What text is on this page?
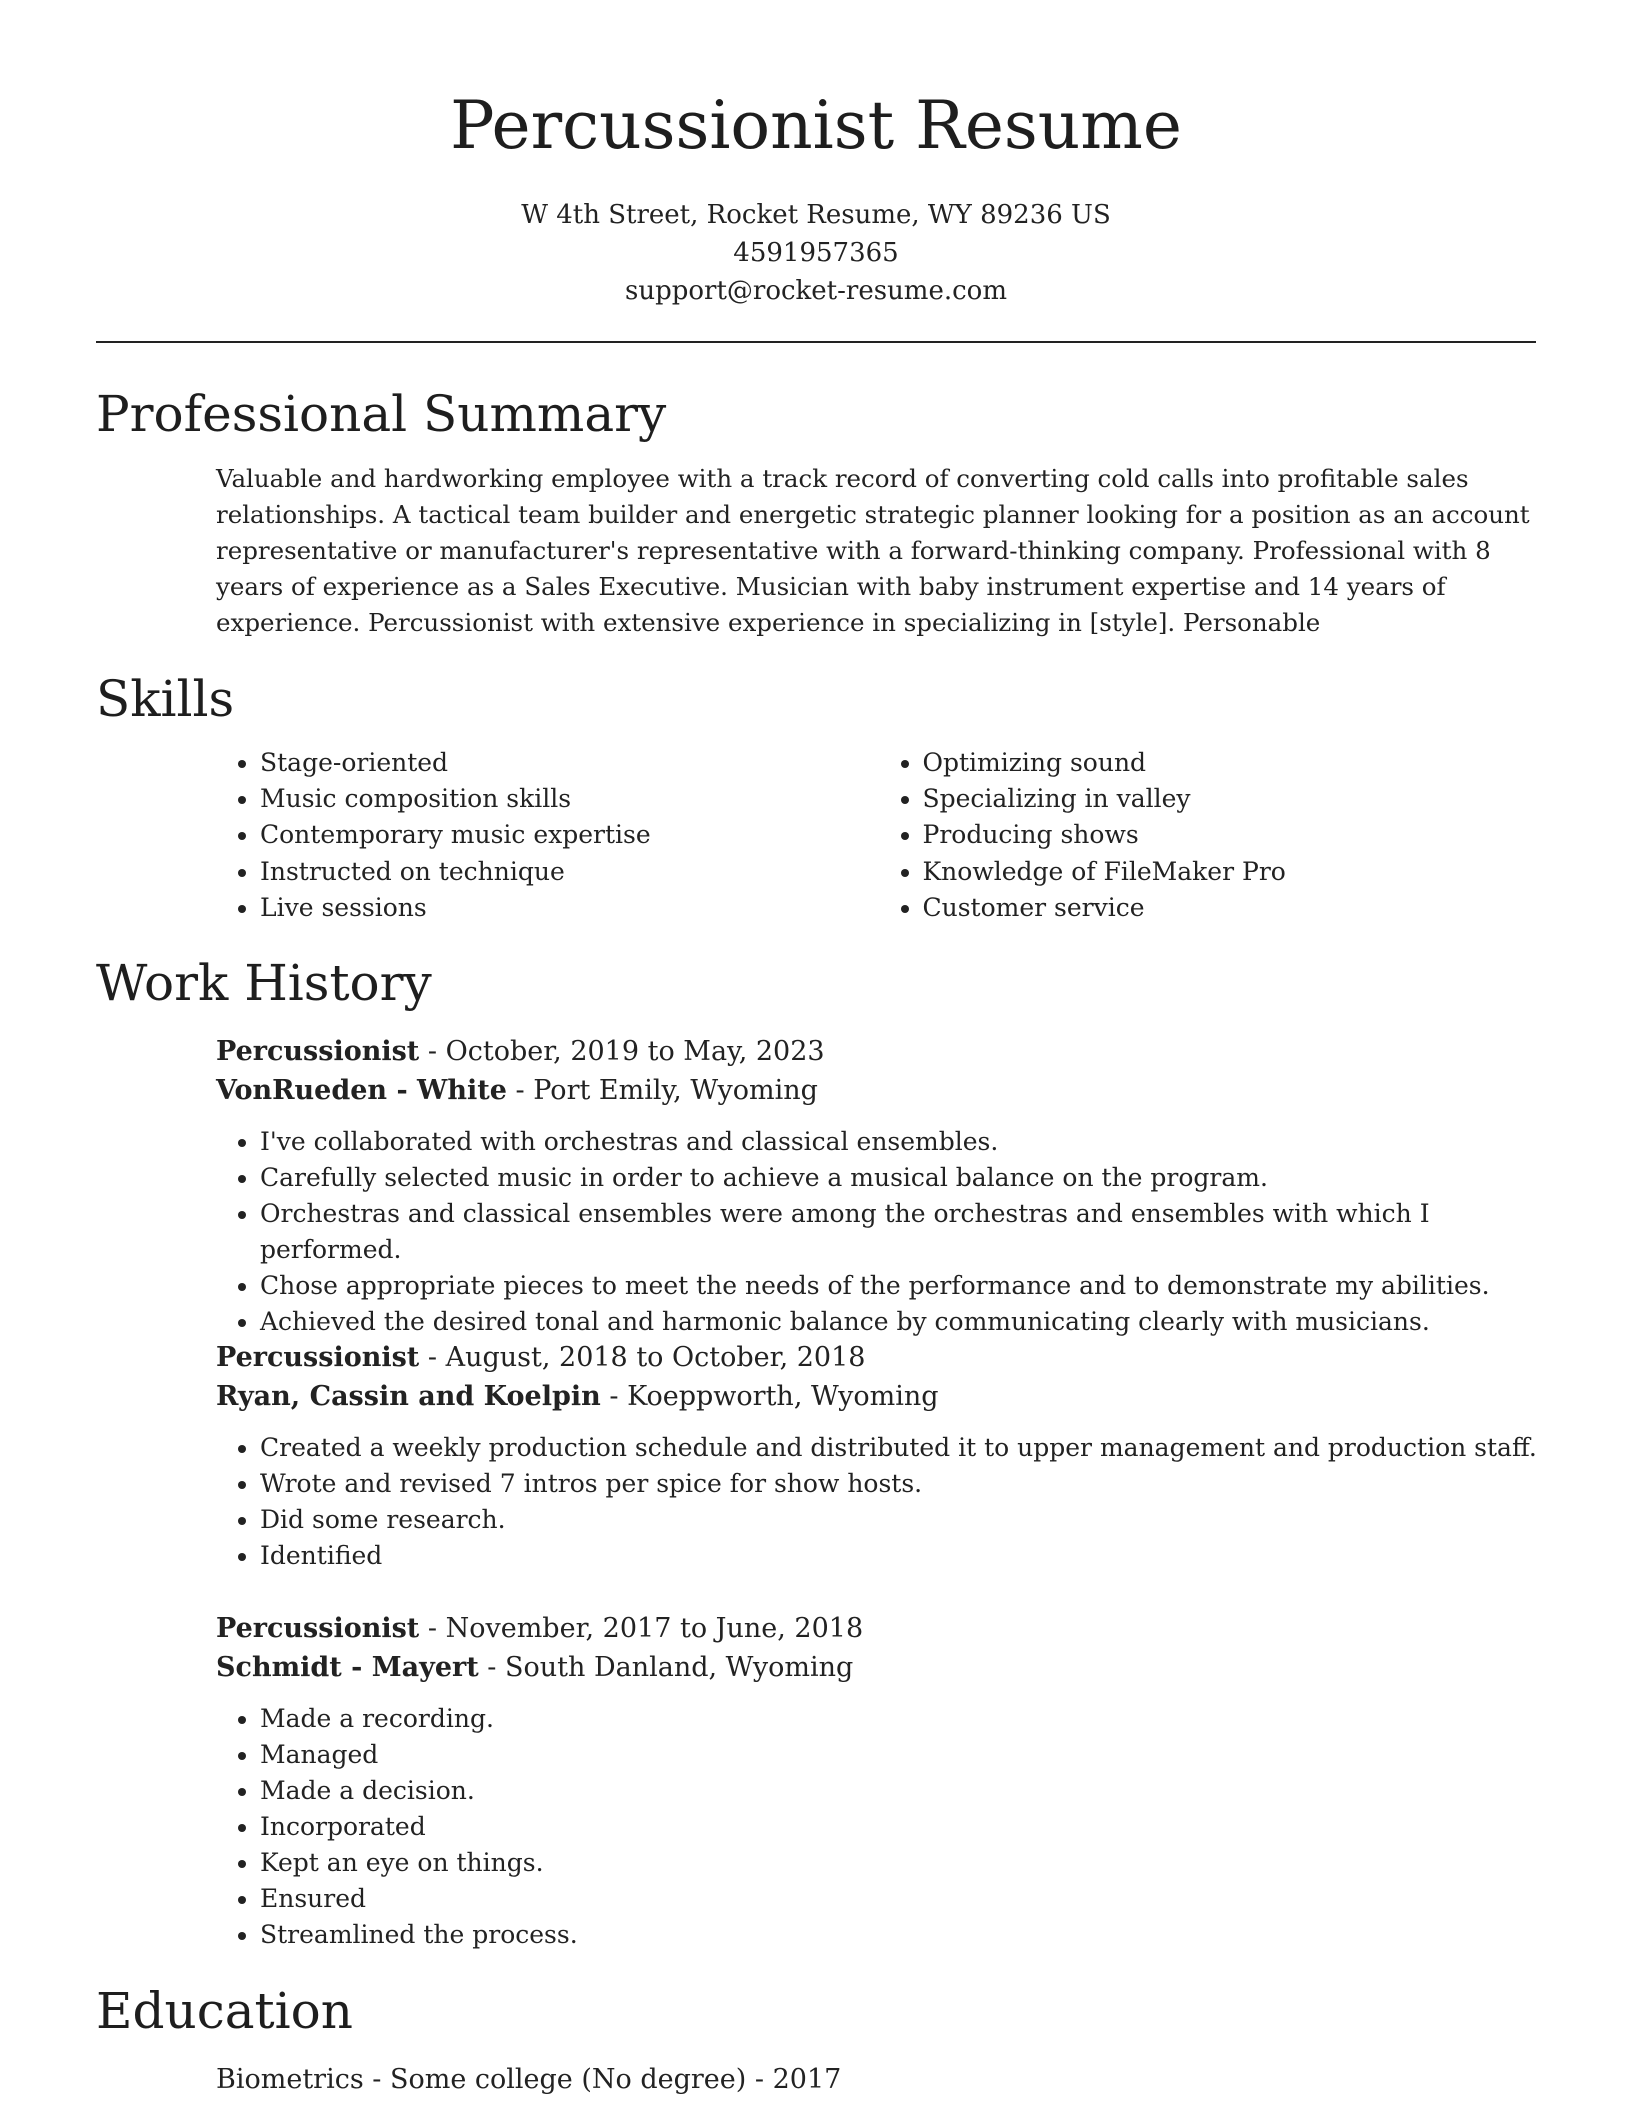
Percussionist Resume
W 4th Street, Rocket Resume, WY 89236 US
4591957365
support@rocket-resume.com
Professional Summary

Valuable and hardworking employee with a track record of converting cold calls into profitable sales relationships. A tactical team builder and energetic strategic planner looking for a position as an account representative or manufacturer's representative with a forward-thinking company. Professional with 8 years of experience as a Sales Executive. Musician with baby instrument expertise and 14 years of experience. Percussionist with extensive experience in specializing in [style]. Personable

Skills
• Stage-oriented
• Music composition skills
• Contemporary music expertise
• Instructed on technique
• Live sessions
• Optimizing sound
• Specializing in valley
• Producing shows
• Knowledge of FileMaker Pro
• Customer service
Work History
Percussionist - October, 2019 to May, 2023
VonRueden - White - Port Emily, Wyoming
• I've collaborated with orchestras and classical ensembles.
• Carefully selected music in order to achieve a musical balance on the program.
• Orchestras and classical ensembles were among the orchestras and ensembles with which I performed.
• Chose appropriate pieces to meet the needs of the performance and to demonstrate my abilities.
• Achieved the desired tonal and harmonic balance by communicating clearly with musicians.
Percussionist - August, 2018 to October, 2018
Ryan, Cassin and Koelpin - Koeppworth, Wyoming
• Created a weekly production schedule and distributed it to upper management and production staff.
• Wrote and revised 7 intros per spice for show hosts.
• Did some research.
• Identified
Percussionist - November, 2017 to June, 2018
Schmidt - Mayert - South Danland, Wyoming
• Made a recording.
• Managed
• Made a decision.
• Incorporated
• Kept an eye on things.
• Ensured
• Streamlined the process.
Education
Biometrics - Some college (No degree) - 2017
